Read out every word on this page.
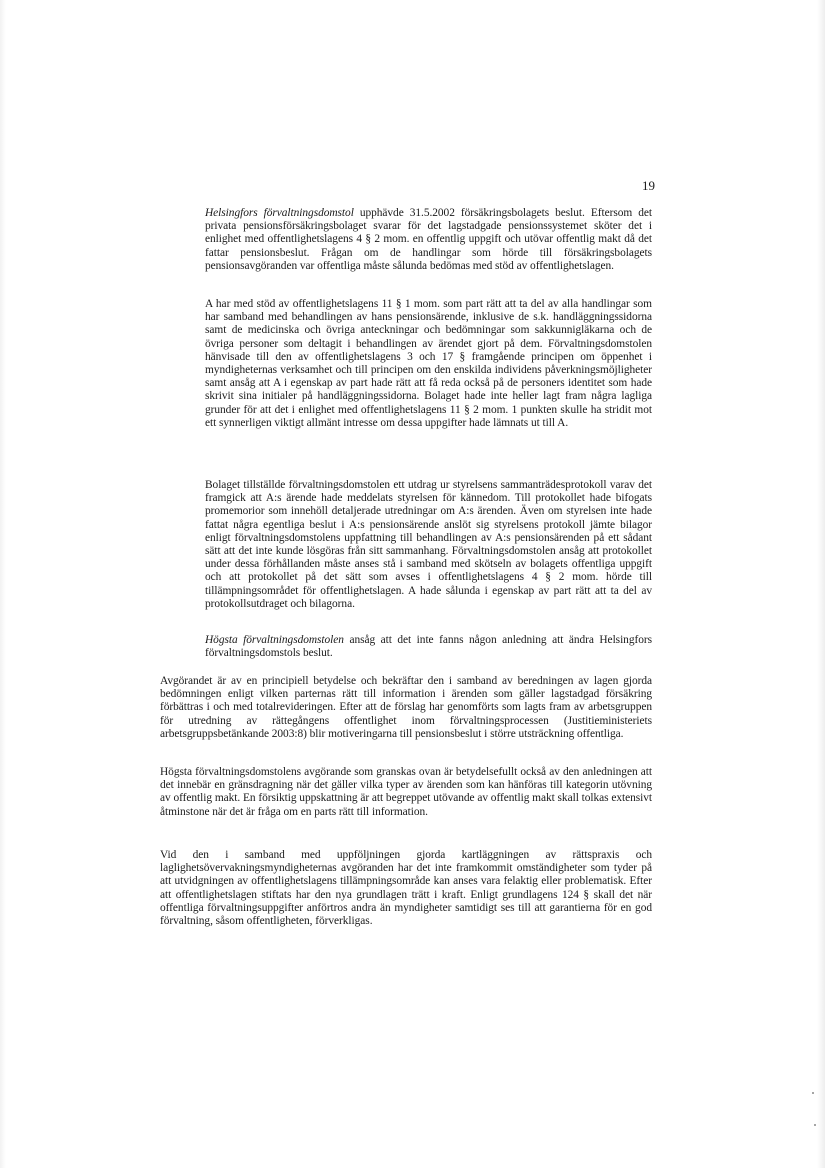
19

Helsingfors förvaltningsdomstol upphävde 31.5.2002 försäkringsbolagets beslut. Eftersom det privata pensionsförsäkringsbolaget svarar för det lagstadgade pensionssystemet sköter det i enlighet med offentlighetslagens 4 § 2 mom. en offentlig uppgift och utövar offentlig makt då det fattar pensionsbeslut. Frågan om de handlingar som hörde till försäkringsbolagets pensionsavgöranden var offentliga måste sålunda bedömas med stöd av offentlighetslagen.

A har med stöd av offentlighetslagens 11 § 1 mom. som part rätt att ta del av alla handlingar som har samband med behandlingen av hans pensionsärende, inklusive de s.k. handläggningssidorna samt de medicinska och övriga anteckningar och bedömningar som sakkunnigläkarna och de övriga personer som deltagit i behandlingen av ärendet gjort på dem. Förvaltningsdomstolen hänvisade till den av offentlighetslagens 3 och 17 § framgående principen om öppenhet i myndigheternas verksamhet och till principen om den enskilda individens påverkningsmöjligheter samt ansåg att A i egenskap av part hade rätt att få reda också på de personers identitet som hade skrivit sina initialer på handläggningssidorna. Bolaget hade inte heller lagt fram några lagliga grunder för att det i enlighet med offentlighetslagens 11 § 2 mom. 1 punkten skulle ha stridit mot ett synnerligen viktigt allmänt intresse om dessa uppgifter hade lämnats ut till A.

Bolaget tillställde förvaltningsdomstolen ett utdrag ur styrelsens sammanträdesprotokoll varav det framgick att A:s ärende hade meddelats styrelsen för kännedom. Till protokollet hade bifogats promemorior som innehöll detaljerade utredningar om A:s ärenden. Även om styrelsen inte hade fattat några egentliga beslut i A:s pensionsärende anslöt sig styrelsens protokoll jämte bilagor enligt förvaltningsdomstolens uppfattning till behandlingen av A:s pensionsärenden på ett sådant sätt att det inte kunde lösgöras från sitt sammanhang. Förvaltningsdomstolen ansåg att protokollet under dessa förhållanden måste anses stå i samband med skötseln av bolagets offentliga uppgift och att protokollet på det sätt som avses i offentlighetslagens 4 § 2 mom. hörde till tillämpningsområdet för offentlighetslagen. A hade sålunda i egenskap av part rätt att ta del av protokollsutdraget och bilagorna.

Högsta förvaltningsdomstolen ansåg att det inte fanns någon anledning att ändra Helsingfors förvaltningsdomstols beslut.

Avgörandet är av en principiell betydelse och bekräftar den i samband av beredningen av lagen gjorda bedömningen enligt vilken parternas rätt till information i ärenden som gäller lagstadgad försäkring förbättras i och med totalrevideringen. Efter att de förslag har genomförts som lagts fram av arbetsgruppen för utredning av rättegångens offentlighet inom förvaltningsprocessen (Justitieministeriets arbetsgruppsbetänkande 2003:8) blir motiveringarna till pensionsbeslut i större utsträckning offentliga.

Högsta förvaltningsdomstolens avgörande som granskas ovan är betydelsefullt också av den anledningen att det innebär en gränsdragning när det gäller vilka typer av ärenden som kan hänföras till kategorin utövning av offentlig makt. En försiktig uppskattning är att begreppet utövande av offentlig makt skall tolkas extensivt åtminstone när det är fråga om en parts rätt till information.

Vid den i samband med uppföljningen gjorda kartläggningen av rättspraxis och laglighetsövervakningsmyndigheternas avgöranden har det inte framkommit omständigheter som tyder på att utvidgningen av offentlighetslagens tillämpningsområde kan anses vara felaktig eller problematisk. Efter att offentlighetslagen stiftats har den nya grundlagen trätt i kraft. Enligt grundlagens 124 § skall det när offentliga förvaltningsuppgifter anförtros andra än myndigheter samtidigt ses till att garantierna för en god förvaltning, såsom offentligheten, förverkligas.
